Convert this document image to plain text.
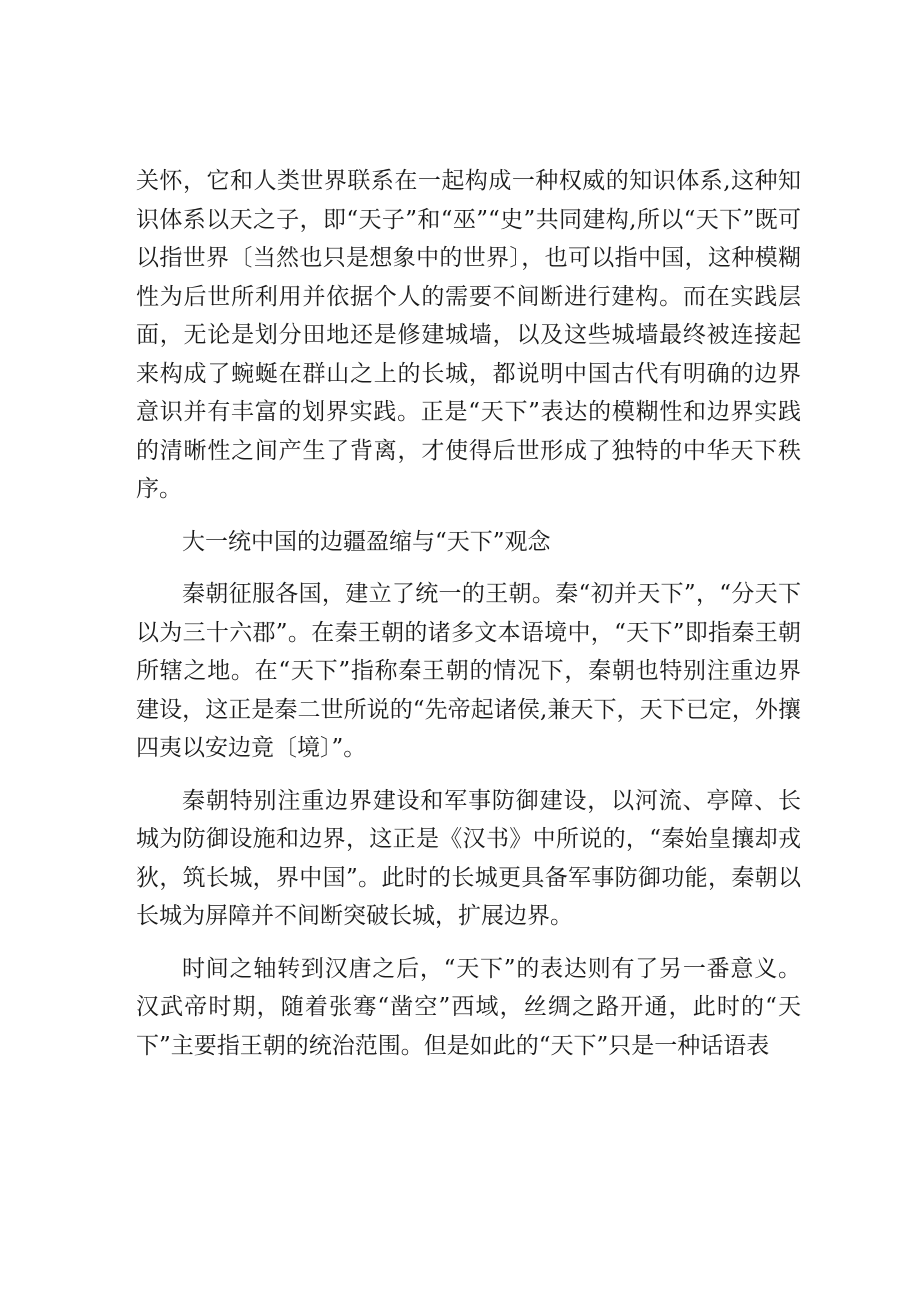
关怀，它和人类世界联系在一起构成一种权威的知识体系,这种知识体系以天之子，即“天子”和“巫”“史”共同建构,所以“天下”既可以指世界〔当然也只是想象中的世界〕，也可以指中国，这种模糊性为后世所利用并依据个人的需要不间断进行建构。而在实践层面，无论是划分田地还是修建城墙，以及这些城墙最终被连接起来构成了蜿蜒在群山之上的长城，都说明中国古代有明确的边界意识并有丰富的划界实践。正是“天下”表达的模糊性和边界实践的清晰性之间产生了背离，才使得后世形成了独特的中华天下秩序。

大一统中国的边疆盈缩与“天下”观念

秦朝征服各国，建立了统一的王朝。秦“初并天下”，“分天下以为三十六郡”。在秦王朝的诸多文本语境中，“天下”即指秦王朝所辖之地。在“天下”指称秦王朝的情况下，秦朝也特别注重边界建设，这正是秦二世所说的“先帝起诸侯,兼天下，天下已定，外攘四夷以安边竟〔境〕”。

秦朝特别注重边界建设和军事防御建设，以河流、亭障、长城为防御设施和边界，这正是《汉书》中所说的，“秦始皇攘却戎狄，筑长城，界中国”。此时的长城更具备军事防御功能，秦朝以长城为屏障并不间断突破长城，扩展边界。

时间之轴转到汉唐之后，“天下”的表达则有了另一番意义。汉武帝时期，随着张骞“凿空”西域，丝绸之路开通，此时的“天下”主要指王朝的统治范围。但是如此的“天下”只是一种话语表
